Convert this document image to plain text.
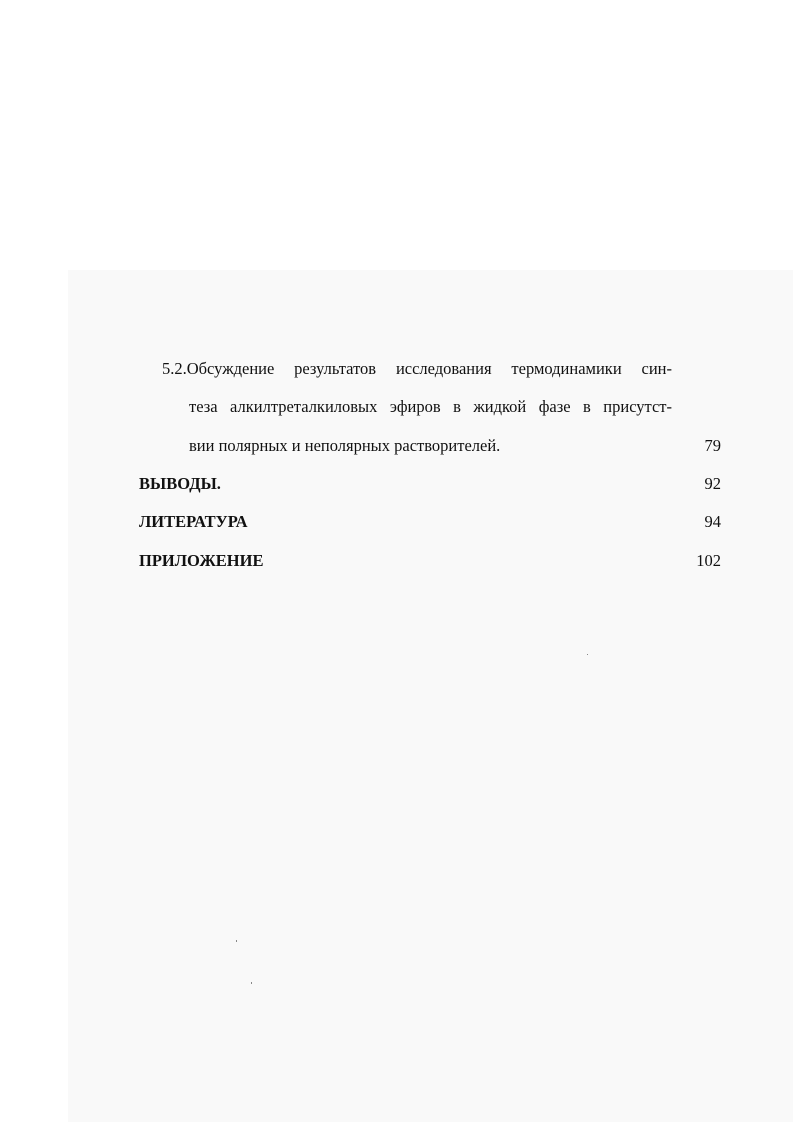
5.2.Обсуждение результатов исследования термодинамики син-
теза алкилтреталкиловых эфиров в жидкой фазе в присутст-
вии полярных и неполярных растворителей.	79
ВЫВОДЫ.	92
ЛИТЕРАТУРА	94
ПРИЛОЖЕНИЕ	102
